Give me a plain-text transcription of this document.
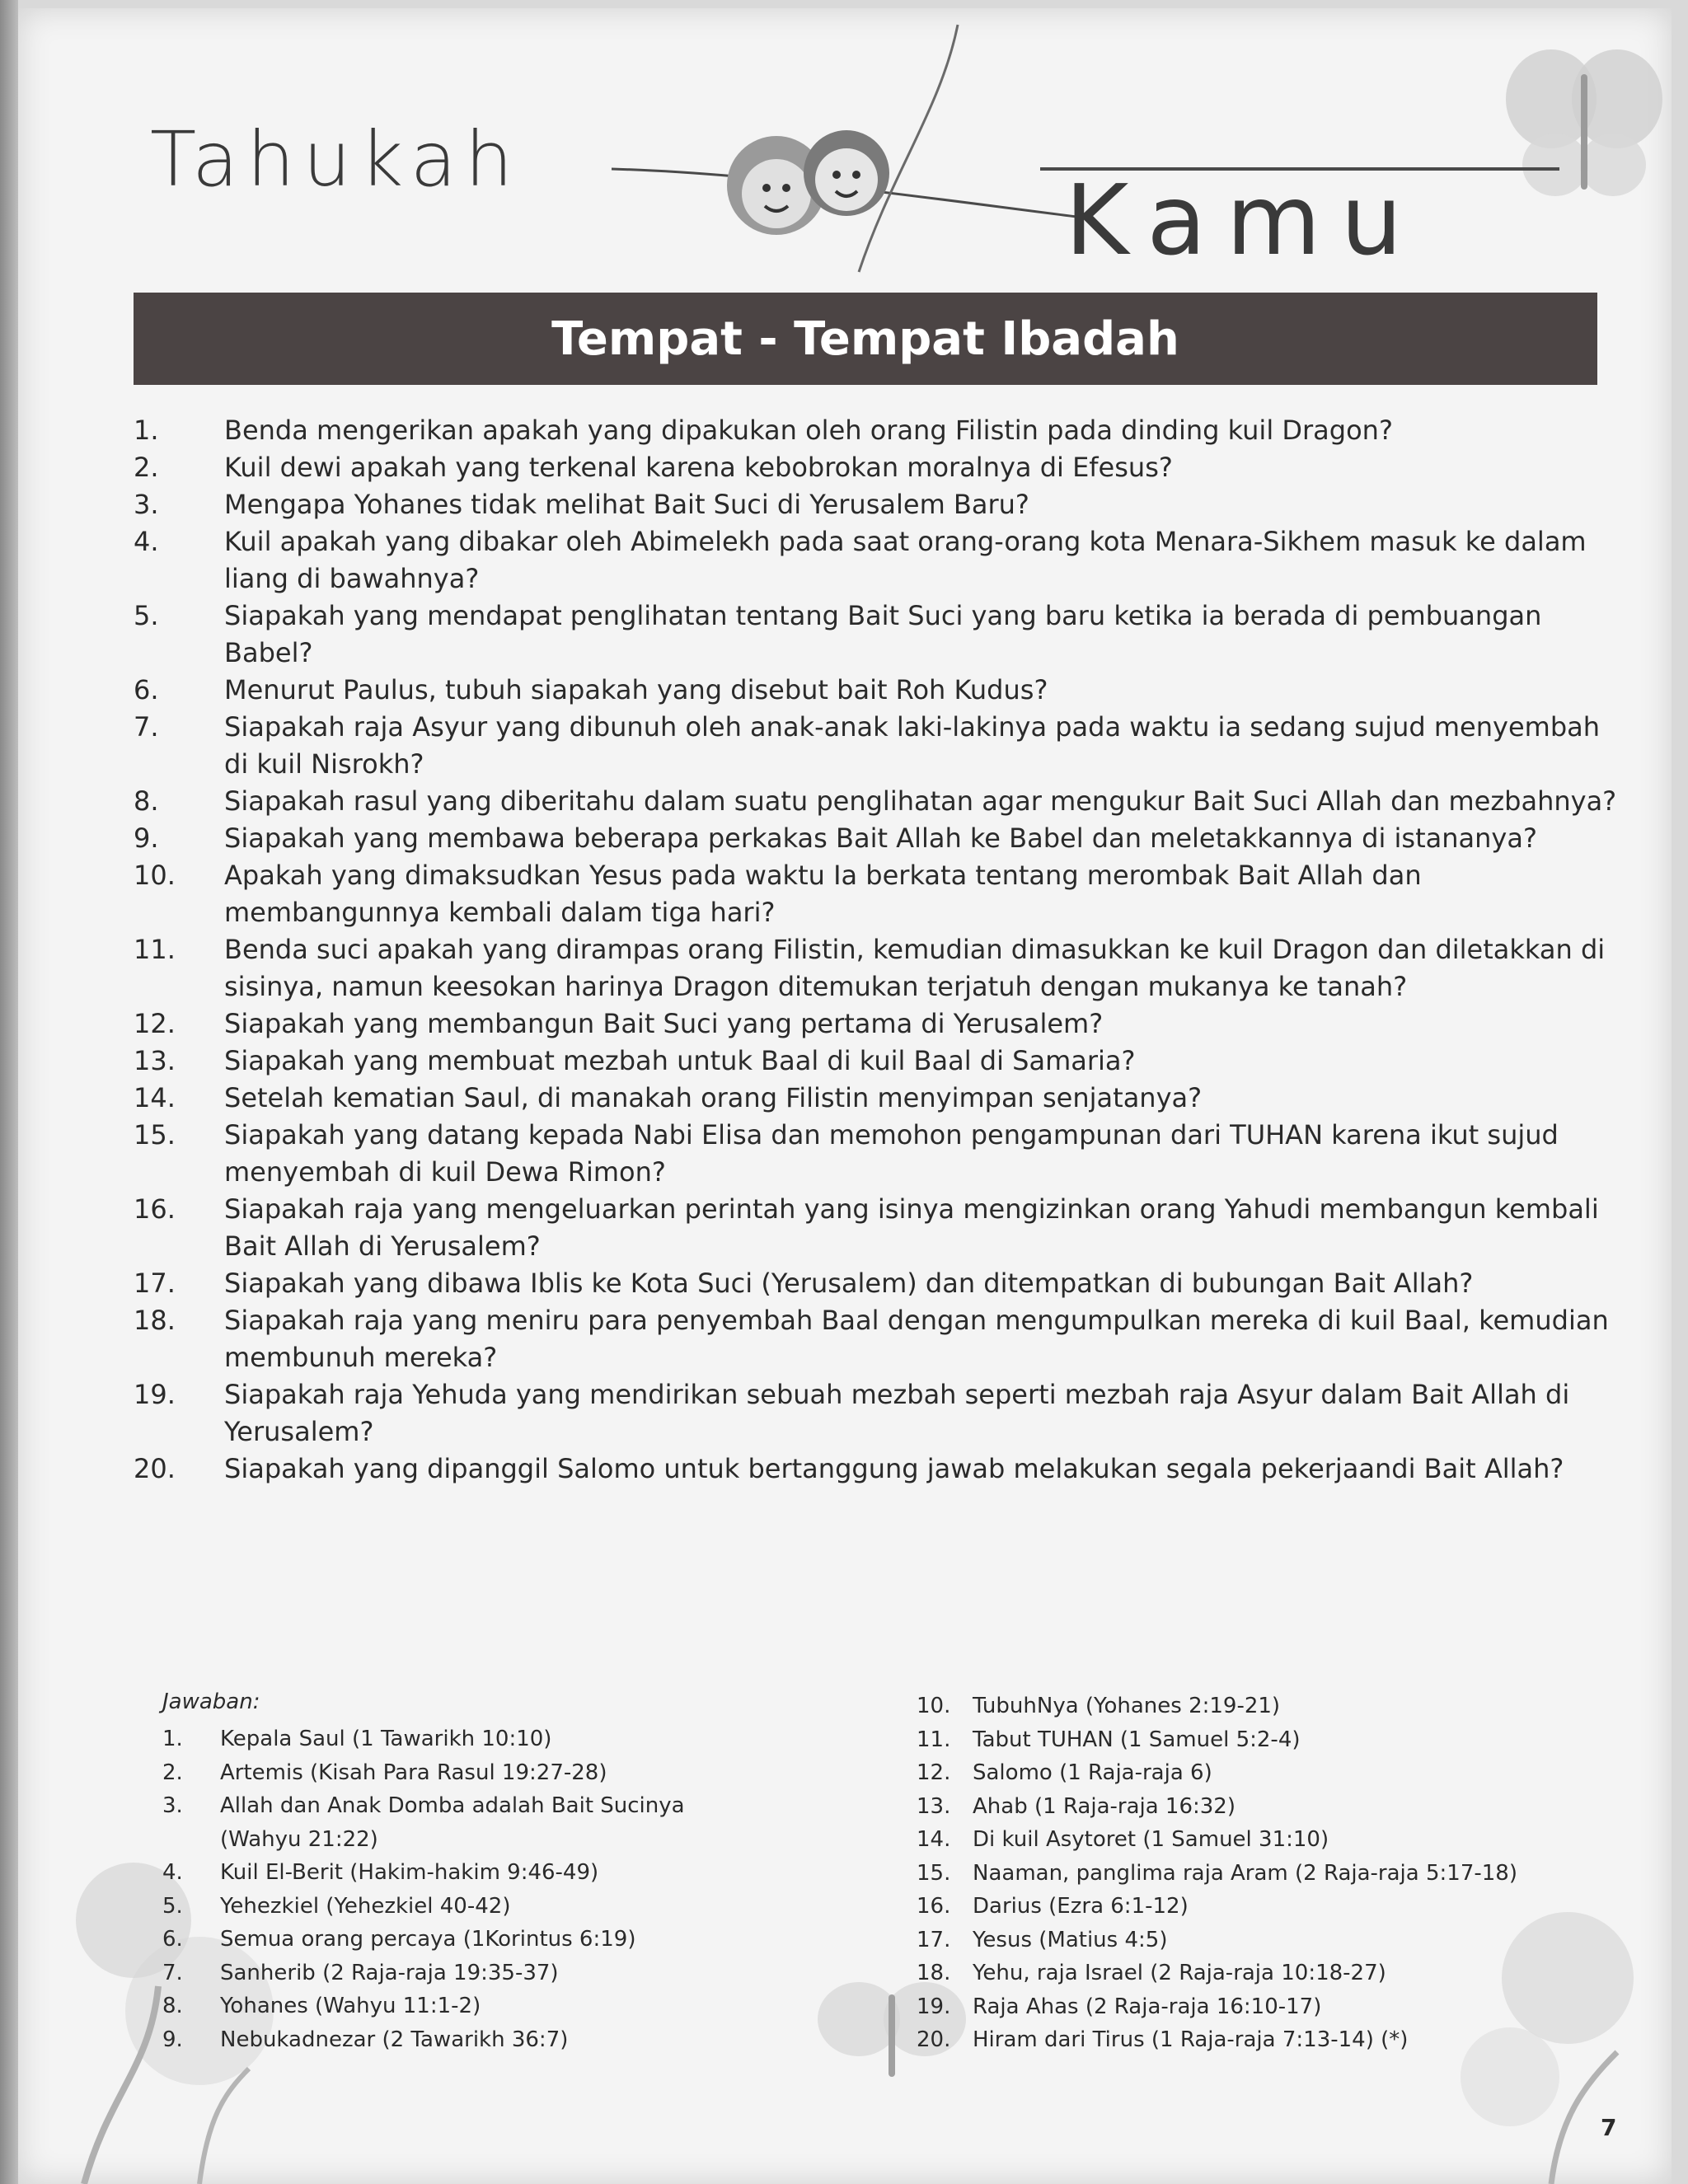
Tahukah
Kamu
Tempat - Tempat Ibadah
1.	Benda mengerikan apakah yang dipakukan oleh orang Filistin pada dinding kuil Dragon?
2.	Kuil dewi apakah yang terkenal karena kebobrokan moralnya di Efesus?
3.	Mengapa Yohanes tidak melihat Bait Suci di Yerusalem Baru?
4.	Kuil apakah yang dibakar oleh Abimelekh pada saat orang-orang kota Menara-Sikhem masuk ke dalam liang di bawahnya?
5.	Siapakah yang mendapat penglihatan tentang Bait Suci yang baru ketika ia berada di pembuangan Babel?
6.	Menurut Paulus, tubuh siapakah yang disebut bait Roh Kudus?
7.	Siapakah raja Asyur yang dibunuh oleh anak-anak laki-lakinya pada waktu ia sedang sujud menyembah di kuil Nisrokh?
8.	Siapakah rasul yang diberitahu dalam suatu penglihatan agar mengukur Bait Suci Allah dan mezbahnya?
9.	Siapakah yang membawa beberapa perkakas Bait Allah ke Babel dan meletakkannya di istananya?
10.	Apakah yang dimaksudkan Yesus pada waktu Ia berkata tentang merombak Bait Allah dan membangunnya kembali dalam tiga hari?
11.	Benda suci apakah yang dirampas orang Filistin, kemudian dimasukkan ke kuil Dragon dan diletakkan di sisinya, namun keesokan harinya Dragon ditemukan terjatuh dengan mukanya ke tanah?
12.	Siapakah yang membangun Bait Suci yang pertama di Yerusalem?
13.	Siapakah yang membuat mezbah untuk Baal di kuil Baal di Samaria?
14.	Setelah kematian Saul, di manakah orang Filistin menyimpan senjatanya?
15.	Siapakah yang datang kepada Nabi Elisa dan memohon pengampunan dari TUHAN karena ikut sujud menyembah di kuil Dewa Rimon?
16.	Siapakah raja yang mengeluarkan perintah yang isinya mengizinkan orang Yahudi membangun kembali Bait Allah di Yerusalem?
17.	Siapakah yang dibawa Iblis ke Kota Suci (Yerusalem) dan ditempatkan di bubungan Bait Allah?
18.	Siapakah raja yang meniru para penyembah Baal dengan mengumpulkan mereka di kuil Baal, kemudian membunuh mereka?
19.	Siapakah raja Yehuda yang mendirikan sebuah mezbah seperti mezbah raja Asyur dalam Bait Allah di Yerusalem?
20.	Siapakah yang dipanggil Salomo untuk bertanggung jawab melakukan segala pekerjaandi Bait Allah?
Jawaban:
1.	Kepala Saul (1 Tawarikh 10:10)
2.	Artemis (Kisah Para Rasul 19:27-28)
3.	Allah dan Anak Domba adalah Bait Sucinya (Wahyu 21:22)
4.	Kuil El-Berit (Hakim-hakim 9:46-49)
5.	Yehezkiel (Yehezkiel 40-42)
6.	Semua orang percaya (1Korintus 6:19)
7.	Sanherib (2 Raja-raja 19:35-37)
8.	Yohanes (Wahyu 11:1-2)
9.	Nebukadnezar (2 Tawarikh 36:7)
10.	TubuhNya (Yohanes 2:19-21)
11.	Tabut TUHAN (1 Samuel 5:2-4)
12.	Salomo (1 Raja-raja 6)
13.	Ahab (1 Raja-raja 16:32)
14.	Di kuil Asytoret (1 Samuel 31:10)
15.	Naaman, panglima raja Aram (2 Raja-raja 5:17-18)
16.	Darius (Ezra 6:1-12)
17.	Yesus (Matius 4:5)
18.	Yehu, raja Israel (2 Raja-raja 10:18-27)
19.	Raja Ahas (2 Raja-raja 16:10-17)
20.	Hiram dari Tirus (1 Raja-raja 7:13-14) (*)
7
